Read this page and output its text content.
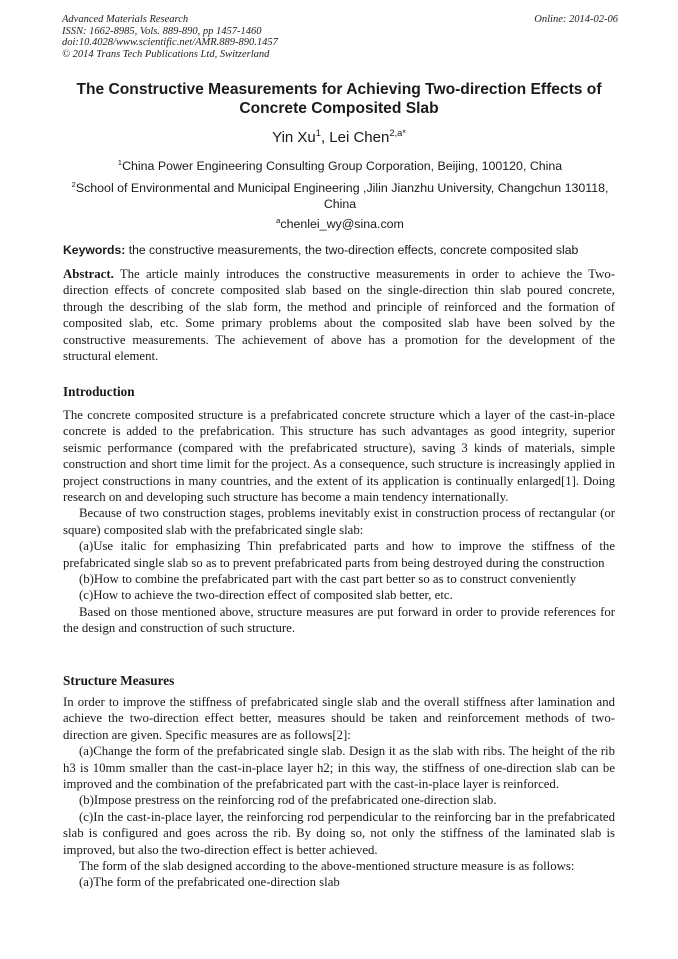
Advanced Materials Research	Online: 2014-02-06
ISSN: 1662-8985, Vols. 889-890, pp 1457-1460
doi:10.4028/www.scientific.net/AMR.889-890.1457
© 2014 Trans Tech Publications Ltd, Switzerland
The Constructive Measurements for Achieving Two-direction Effects of
Concrete Composited Slab
Yin Xu$^1$, Lei Chen$^{2,a*}$
$^1$China Power Engineering Consulting Group Corporation, Beijing, 100120, China
$^2$School of Environmental and Municipal Engineering ,Jilin Jianzhu University, Changchun 130118, China
$^a$chenlei_wy@sina.com
Keywords: the constructive measurements, the two-direction effects, concrete composited slab

Abstract. The article mainly introduces the constructive measurements in order to achieve the Two-direction effects of concrete composited slab based on the single-direction thin slab poured concrete, through the describing of the slab form, the method and principle of reinforced and the formation of composited slab, etc. Some primary problems about the composited slab have been solved by the constructive measurements. The achievement of above has a promotion for the development of the structural element.

Introduction

The concrete composited structure is a prefabricated concrete structure which a layer of the cast-in-place concrete is added to the prefabrication. This structure has such advantages as good integrity, superior seismic performance (compared with the prefabricated structure), saving 3 kinds of materials, simple construction and short time limit for the project. As a consequence, such structure is increasingly applied in project constructions in many countries, and the extent of its application is continually enlarged[1]. Doing research on and developing such structure has become a main tendency internationally.

Because of two construction stages, problems inevitably exist in construction process of rectangular (or square) composited slab with the prefabricated single slab:

(a)Use italic for emphasizing Thin prefabricated parts and how to improve the stiffness of the prefabricated single slab so as to prevent prefabricated parts from being destroyed during the construction

(b)How to combine the prefabricated part with the cast part better so as to construct conveniently

(c)How to achieve the two-direction effect of composited slab better, etc.

Based on those mentioned above, structure measures are put forward in order to provide references for the design and construction of such structure.

Structure Measures

In order to improve the stiffness of prefabricated single slab and the overall stiffness after lamination and achieve the two-direction effect better, measures should be taken and reinforcement methods of two-direction are given. Specific measures are as follows[2]:

(a)Change the form of the prefabricated single slab. Design it as the slab with ribs. The height of the rib h3 is 10mm smaller than the cast-in-place layer h2; in this way, the stiffness of one-direction slab can be improved and the combination of the prefabricated part with the cast-in-place layer is reinforced.

(b)Impose prestress on the reinforcing rod of the prefabricated one-direction slab.

(c)In the cast-in-place layer, the reinforcing rod perpendicular to the reinforcing bar in the prefabricated slab is configured and goes across the rib. By doing so, not only the stiffness of the laminated slab is improved, but also the two-direction effect is better achieved.

The form of the slab designed according to the above-mentioned structure measure is as follows:

(a)The form of the prefabricated one-direction slab
